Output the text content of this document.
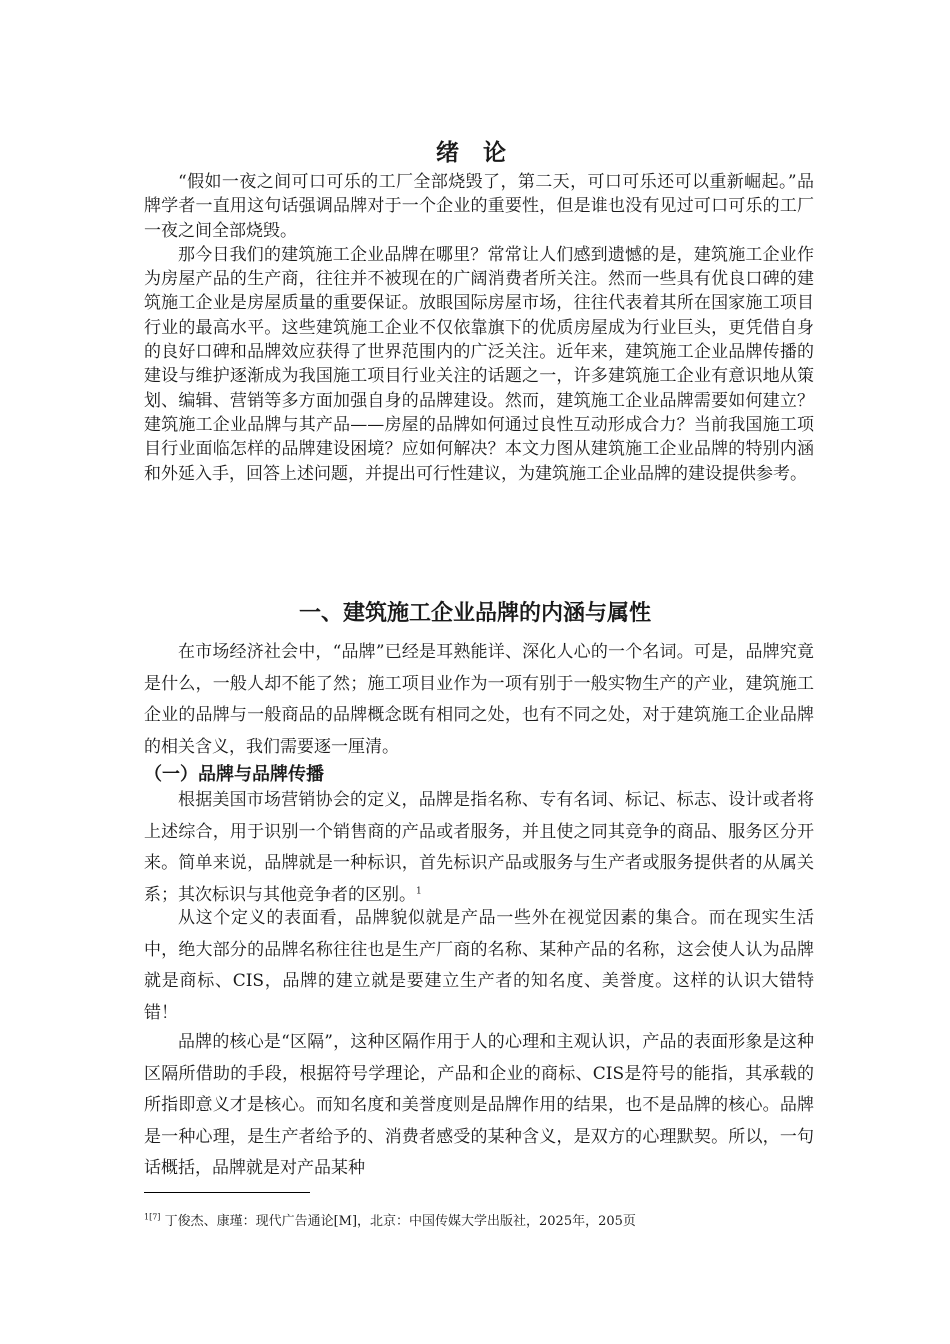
绪 论

“假如一夜之间可口可乐的工厂全部烧毁了，第二天，可口可乐还可以重新崛起。”品牌学者一直用这句话强调品牌对于一个企业的重要性，但是谁也没有见过可口可乐的工厂一夜之间全部烧毁。

那今日我们的建筑施工企业品牌在哪里？常常让人们感到遗憾的是，建筑施工企业作为房屋产品的生产商，往往并不被现在的广阔消费者所关注。然而一些具有优良口碑的建筑施工企业是房屋质量的重要保证。放眼国际房屋市场，往往代表着其所在国家施工项目行业的最高水平。这些建筑施工企业不仅依靠旗下的优质房屋成为行业巨头，更凭借自身的良好口碑和品牌效应获得了世界范围内的广泛关注。近年来，建筑施工企业品牌传播的建设与维护逐渐成为我国施工项目行业关注的话题之一，许多建筑施工企业有意识地从策划、编辑、营销等多方面加强自身的品牌建设。然而，建筑施工企业品牌需要如何建立？建筑施工企业品牌与其产品——房屋的品牌如何通过良性互动形成合力？当前我国施工项目行业面临怎样的品牌建设困境？应如何解决？本文力图从建筑施工企业品牌的特别内涵和外延入手，回答上述问题，并提出可行性建议，为建筑施工企业品牌的建设提供参考。

一、建筑施工企业品牌的内涵与属性

在市场经济社会中，“品牌”已经是耳熟能详、深化人心的一个名词。可是，品牌究竟是什么，一般人却不能了然；施工项目业作为一项有别于一般实物生产的产业，建筑施工企业的品牌与一般商品的品牌概念既有相同之处，也有不同之处，对于建筑施工企业品牌的相关含义，我们需要逐一厘清。

（一）品牌与品牌传播

根据美国市场营销协会的定义，品牌是指名称、专有名词、标记、标志、设计或者将上述综合，用于识别一个销售商的产品或者服务，并且使之同其竞争的商品、服务区分开来。简单来说，品牌就是一种标识，首先标识产品或服务与生产者或服务提供者的从属关系；其次标识与其他竞争者的区别。$^1$

从这个定义的表面看，品牌貌似就是产品一些外在视觉因素的集合。而在现实生活中，绝大部分的品牌名称往往也是生产厂商的名称、某种产品的名称，这会使人认为品牌就是商标、CIS，品牌的建立就是要建立生产者的知名度、美誉度。这样的认识大错特错！

品牌的核心是“区隔”，这种区隔作用于人的心理和主观认识，产品的表面形象是这种区隔所借助的手段，根据符号学理论，产品和企业的商标、CIS是符号的能指，其承载的所指即意义才是核心。而知名度和美誉度则是品牌作用的结果，也不是品牌的核心。品牌是一种心理，是生产者给予的、消费者感受的某种含义，是双方的心理默契。所以，一句话概括，品牌就是对产品某种

$^{1[7]}$ 丁俊杰、康瑾：现代广告通论[M]，北京：中国传媒大学出版社，2025年，205页
